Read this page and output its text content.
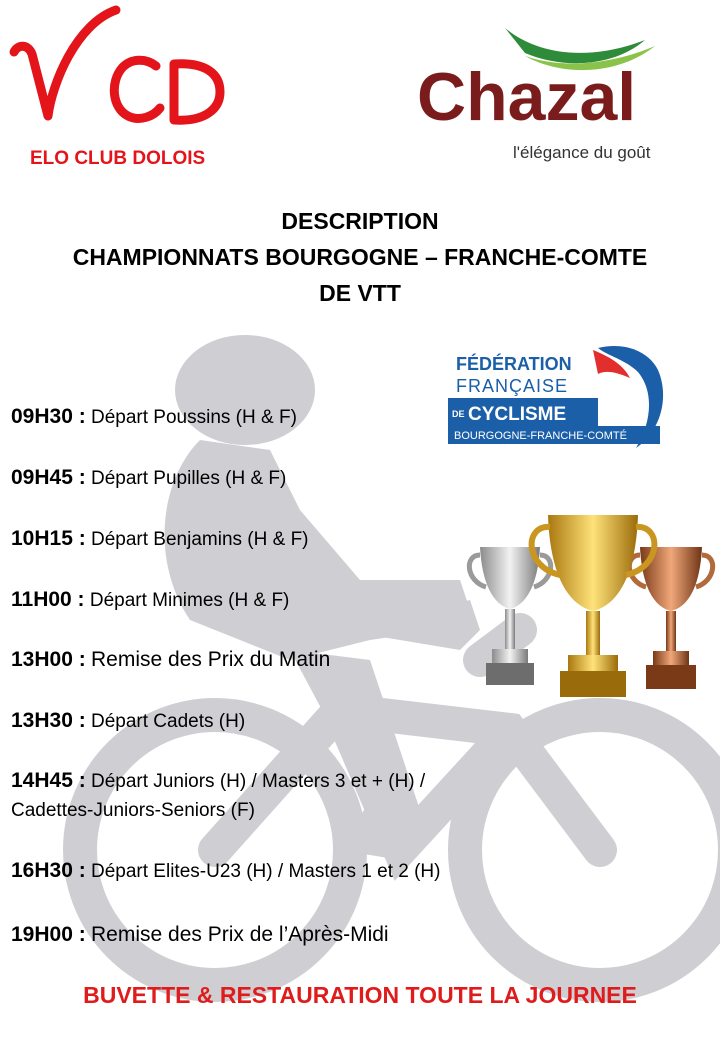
ELO CLUB DOLOIS
Chazal
l'élégance du goût
FÉDÉRATION
FRANÇAISE
DE CYCLISME
BOURGOGNE-FRANCHE-COMTÉ
DESCRIPTION
CHAMPIONNATS BOURGOGNE – FRANCHE-COMTE
DE VTT
09H30 : Départ Poussins (H & F)
09H45 : Départ Pupilles (H & F)
10H15 : Départ Benjamins (H & F)
11H00 : Départ Minimes (H & F)
13H00 : Remise des Prix du Matin
13H30 : Départ Cadets (H)
14H45 : Départ Juniors (H) / Masters 3 et + (H) /
Cadettes-Juniors-Seniors (F)
16H30 : Départ Elites-U23 (H) / Masters 1 et 2 (H)
19H00 : Remise des Prix de l’Après-Midi
BUVETTE & RESTAURATION TOUTE LA JOURNEE
